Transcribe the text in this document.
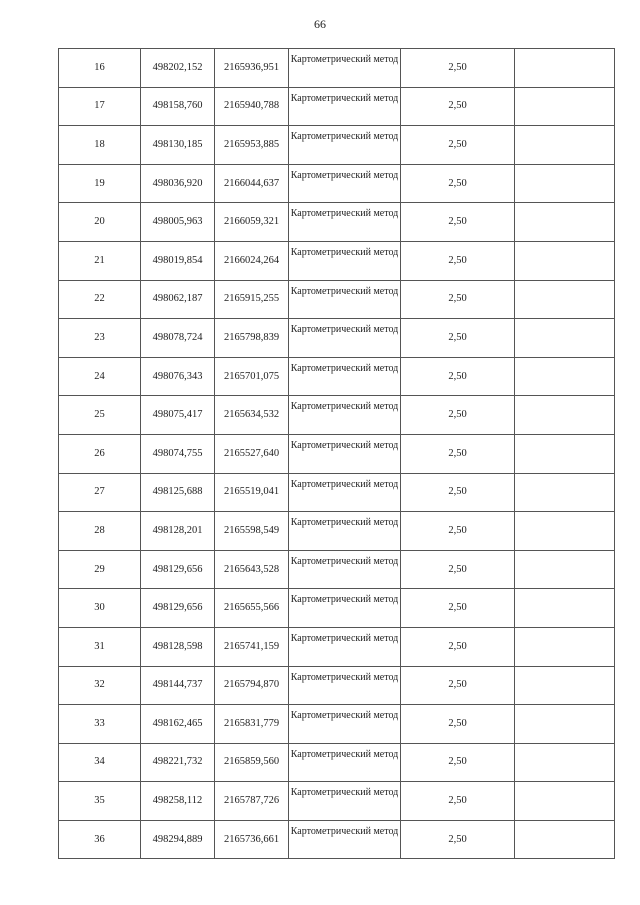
66
16	498202,152	2165936,951	Картометрический метод	2,50	
17	498158,760	2165940,788	Картометрический метод	2,50	
18	498130,185	2165953,885	Картометрический метод	2,50	
19	498036,920	2166044,637	Картометрический метод	2,50	
20	498005,963	2166059,321	Картометрический метод	2,50	
21	498019,854	2166024,264	Картометрический метод	2,50	
22	498062,187	2165915,255	Картометрический метод	2,50	
23	498078,724	2165798,839	Картометрический метод	2,50	
24	498076,343	2165701,075	Картометрический метод	2,50	
25	498075,417	2165634,532	Картометрический метод	2,50	
26	498074,755	2165527,640	Картометрический метод	2,50	
27	498125,688	2165519,041	Картометрический метод	2,50	
28	498128,201	2165598,549	Картометрический метод	2,50	
29	498129,656	2165643,528	Картометрический метод	2,50	
30	498129,656	2165655,566	Картометрический метод	2,50	
31	498128,598	2165741,159	Картометрический метод	2,50	
32	498144,737	2165794,870	Картометрический метод	2,50	
33	498162,465	2165831,779	Картометрический метод	2,50	
34	498221,732	2165859,560	Картометрический метод	2,50	
35	498258,112	2165787,726	Картометрический метод	2,50	
36	498294,889	2165736,661	Картометрический метод	2,50	
